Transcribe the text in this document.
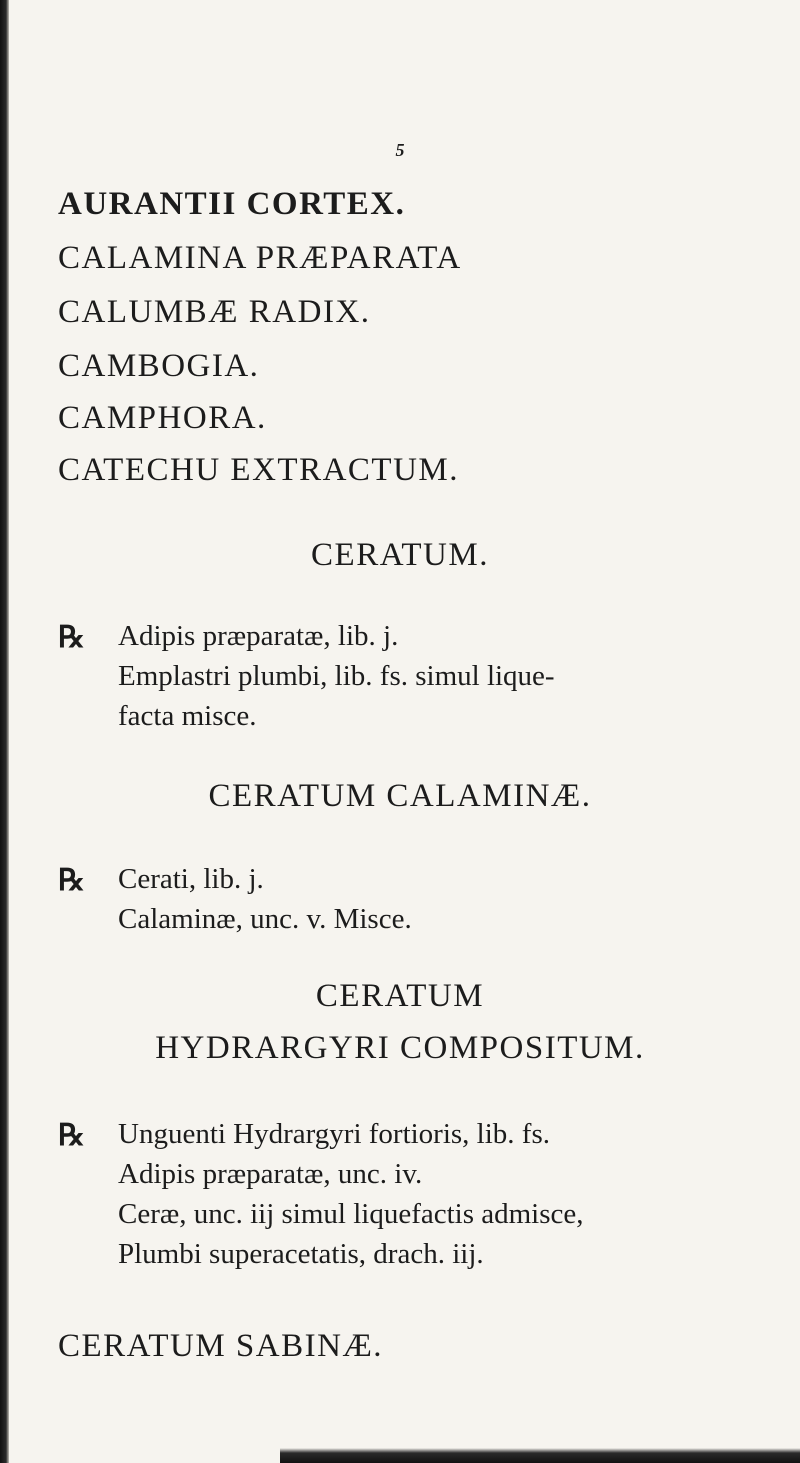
5
AURANTII CORTEX.
CALAMINA PRÆPARATA
CALUMBÆ RADIX.
CAMBOGIA.
CAMPHORA.
CATECHU EXTRACTUM.
CERATUM.
℞ Adipis præparatæ, lib. j.
Emplastri plumbi, lib. fs. simul lique-
facta misce.
CERATUM CALAMINÆ.
℞ Cerati, lib. j.
Calaminæ, unc. v. Misce.
CERATUM
HYDRARGYRI COMPOSITUM.
℞ Unguenti Hydrargyri fortioris, lib. fs.
Adipis præparatæ, unc. iv.
Ceræ, unc. iij simul liquefactis admisce,
Plumbi superacetatis, drach. iij.
CERATUM SABINÆ.
